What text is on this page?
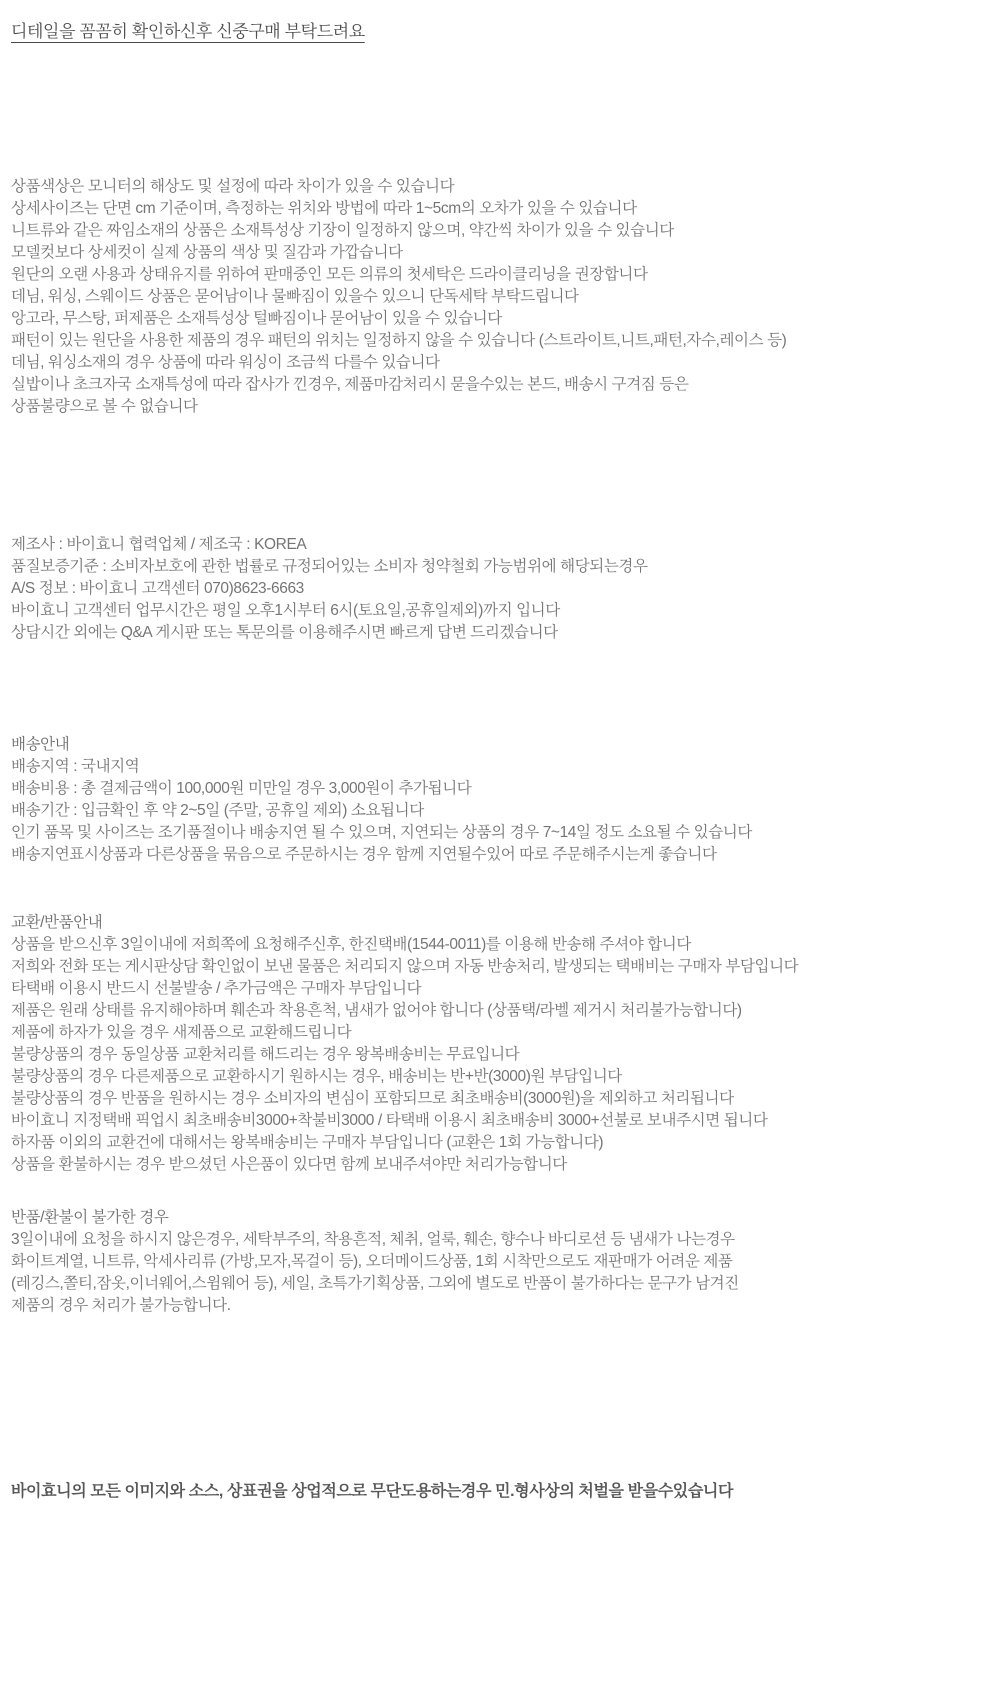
디테일을 꼼꼼히 확인하신후 신중구매 부탁드려요

상품색상은 모니터의 해상도 및 설정에 따라 차이가 있을 수 있습니다

상세사이즈는 단면 cm 기준이며, 측정하는 위치와 방법에 따라 1~5cm의 오차가 있을 수 있습니다

니트류와 같은 짜임소재의 상품은 소재특성상 기장이 일정하지 않으며, 약간씩 차이가 있을 수 있습니다

모델컷보다 상세컷이 실제 상품의 색상 및 질감과 가깝습니다

원단의 오랜 사용과 상태유지를 위하여 판매중인 모든 의류의 첫세탁은 드라이클리닝을 권장합니다

데님, 워싱, 스웨이드 상품은 묻어남이나 물빠짐이 있을수 있으니 단독세탁 부탁드립니다

앙고라, 무스탕, 퍼제품은 소재특성상 털빠짐이나 묻어남이 있을 수 있습니다

패턴이 있는 원단을 사용한 제품의 경우 패턴의 위치는 일정하지 않을 수 있습니다 (스트라이트,니트,패턴,자수,레이스 등)

데님, 워싱소재의 경우 상품에 따라 워싱이 조금씩 다를수 있습니다

실밥이나 초크자국 소재특성에 따라 잡사가 낀경우, 제품마감처리시 묻을수있는 본드, 배송시 구겨짐 등은

상품불량으로 볼 수 없습니다

제조사 : 바이효니 협력업체 / 제조국 : KOREA

품질보증기준 : 소비자보호에 관한 법률로 규정되어있는 소비자 청약철회 가능범위에 해당되는경우

A/S 정보 : 바이효니 고객센터 070)8623-6663

바이효니 고객센터 업무시간은 평일 오후1시부터 6시(토요일,공휴일제외)까지 입니다

상담시간 외에는 Q&A 게시판 또는 톡문의를 이용해주시면 빠르게 답변 드리겠습니다

배송안내

배송지역 : 국내지역

배송비용 : 총 결제금액이 100,000원 미만일 경우 3,000원이 추가됩니다

배송기간 : 입금확인 후 약 2~5일 (주말, 공휴일 제외) 소요됩니다

인기 품목 및 사이즈는 조기품절이나 배송지연 될 수 있으며, 지연되는 상품의 경우 7~14일 정도 소요될 수 있습니다

배송지연표시상품과 다른상품을 묶음으로 주문하시는 경우 함께 지연될수있어 따로 주문해주시는게 좋습니다

교환/반품안내

상품을 받으신후 3일이내에 저희쪽에 요청해주신후, 한진택배(1544-0011)를 이용해 반송해 주셔야 합니다

저희와 전화 또는 게시판상담 확인없이 보낸 물품은 처리되지 않으며 자동 반송처리, 발생되는 택배비는 구매자 부담입니다

타택배 이용시 반드시 선불발송 / 추가금액은 구매자 부담입니다

제품은 원래 상태를 유지해야하며 훼손과 착용흔척, 냄새가 없어야 합니다 (상품택/라벨 제거시 처리불가능합니다)

제품에 하자가 있을 경우 새제품으로 교환해드립니다

불량상품의 경우 동일상품 교환처리를 해드리는 경우 왕복배송비는 무료입니다

불량상품의 경우 다른제품으로 교환하시기 원하시는 경우, 배송비는 반+반(3000)원 부담입니다

불량상품의 경우 반품을 원하시는 경우 소비자의 변심이 포함되므로 최초배송비(3000원)을 제외하고 처리됩니다

바이효니 지정택배 픽업시 최초배송비3000+착불비3000 / 타택배 이용시 최초배송비 3000+선불로 보내주시면 됩니다

하자품 이외의 교환건에 대해서는 왕복배송비는 구매자 부담입니다 (교환은 1회 가능합니다)

상품을 환불하시는 경우 받으셨던 사은품이 있다면 함께 보내주셔야만 처리가능합니다

반품/환불이 불가한 경우

3일이내에 요청을 하시지 않은경우, 세탁부주의, 착용흔적, 체취, 얼룩, 훼손, 향수나 바디로션 등 냄새가 나는경우

화이트계열, 니트류, 악세사리류 (가방,모자,목걸이 등), 오더메이드상품, 1회 시착만으로도 재판매가 어려운 제품

(레깅스,쫄티,잠옷,이너웨어,스윔웨어 등), 세일, 초특가기획상품, 그외에 별도로 반품이 불가하다는 문구가 남겨진

제품의 경우 처리가 불가능합니다.

바이효니의 모든 이미지와 소스, 상표권을 상업적으로 무단도용하는경우 민.형사상의 처벌을 받을수있습니다
